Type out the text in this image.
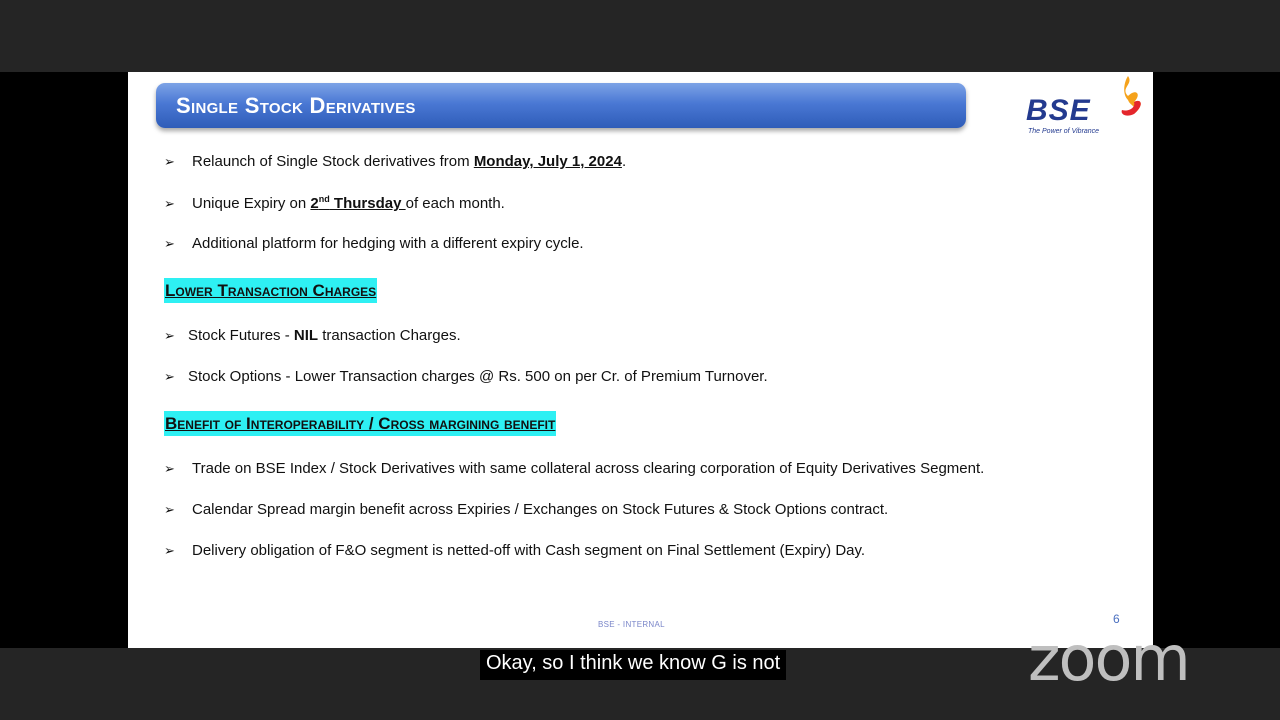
Single Stock Derivatives	BSE
The Power of Vibrance
➢	Relaunch of Single Stock derivatives from Monday, July 1, 2024.
➢	Unique Expiry on 2nd Thursday of each month.
➢	Additional platform for hedging with a different expiry cycle.
Lower Transaction Charges
➢ Stock Futures - NIL transaction Charges.
➢ Stock Options - Lower Transaction charges @ Rs. 500 on per Cr. of Premium Turnover.
Benefit of Interoperability / Cross margining benefit
➢	Trade on BSE Index / Stock Derivatives with same collateral across clearing corporation of Equity Derivatives Segment.
➢	Calendar Spread margin benefit across Expiries / Exchanges on Stock Futures & Stock Options contract.
➢	Delivery obligation of F&O segment is netted-off with Cash segment on Final Settlement (Expiry) Day.
BSE - INTERNAL	6
Okay, so I think we know G is not	zoom
